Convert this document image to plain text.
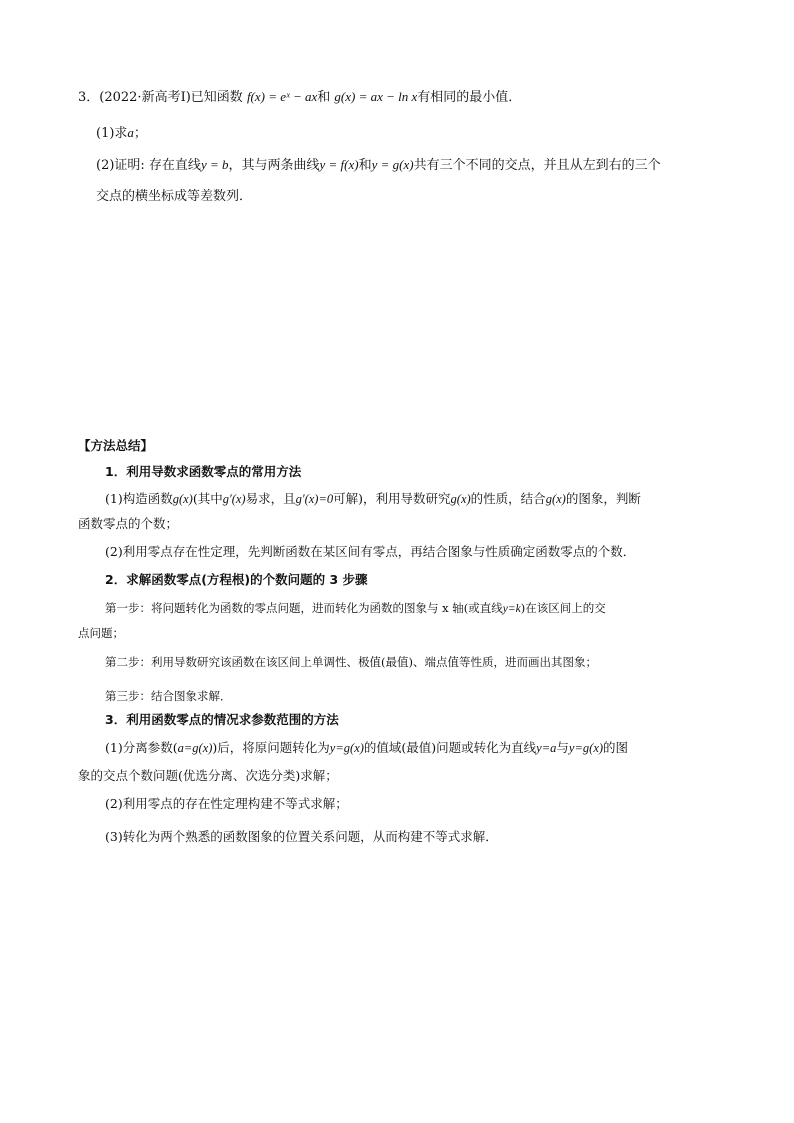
3．(2022·新高考Ⅰ)已知函数 f(x) = eˣ − ax和 g(x) = ax − ln x有相同的最小值．
(1)求a；
(2)证明: 存在直线y = b，其与两条曲线y = f(x)和y = g(x)共有三个不同的交点，并且从左到右的三个
交点的横坐标成等差数列．
【方法总结】
1．利用导数求函数零点的常用方法
(1)构造函数g(x)(其中g′(x)易求，且g′(x)=0可解)，利用导数研究g(x)的性质，结合g(x)的图象，判断
函数零点的个数；
(2)利用零点存在性定理，先判断函数在某区间有零点，再结合图象与性质确定函数零点的个数．
2．求解函数零点(方程根)的个数问题的 3 步骤
第一步：将问题转化为函数的零点问题，进而转化为函数的图象与 x 轴(或直线y=k)在该区间上的交
点问题；
第二步：利用导数研究该函数在该区间上单调性、极值(最值)、端点值等性质，进而画出其图象；
第三步：结合图象求解．
3．利用函数零点的情况求参数范围的方法
(1)分离参数(a=g(x))后，将原问题转化为y=g(x)的值域(最值)问题或转化为直线y=a与y=g(x)的图
象的交点个数问题(优选分离、次选分类)求解；
(2)利用零点的存在性定理构建不等式求解；
(3)转化为两个熟悉的函数图象的位置关系问题，从而构建不等式求解．
